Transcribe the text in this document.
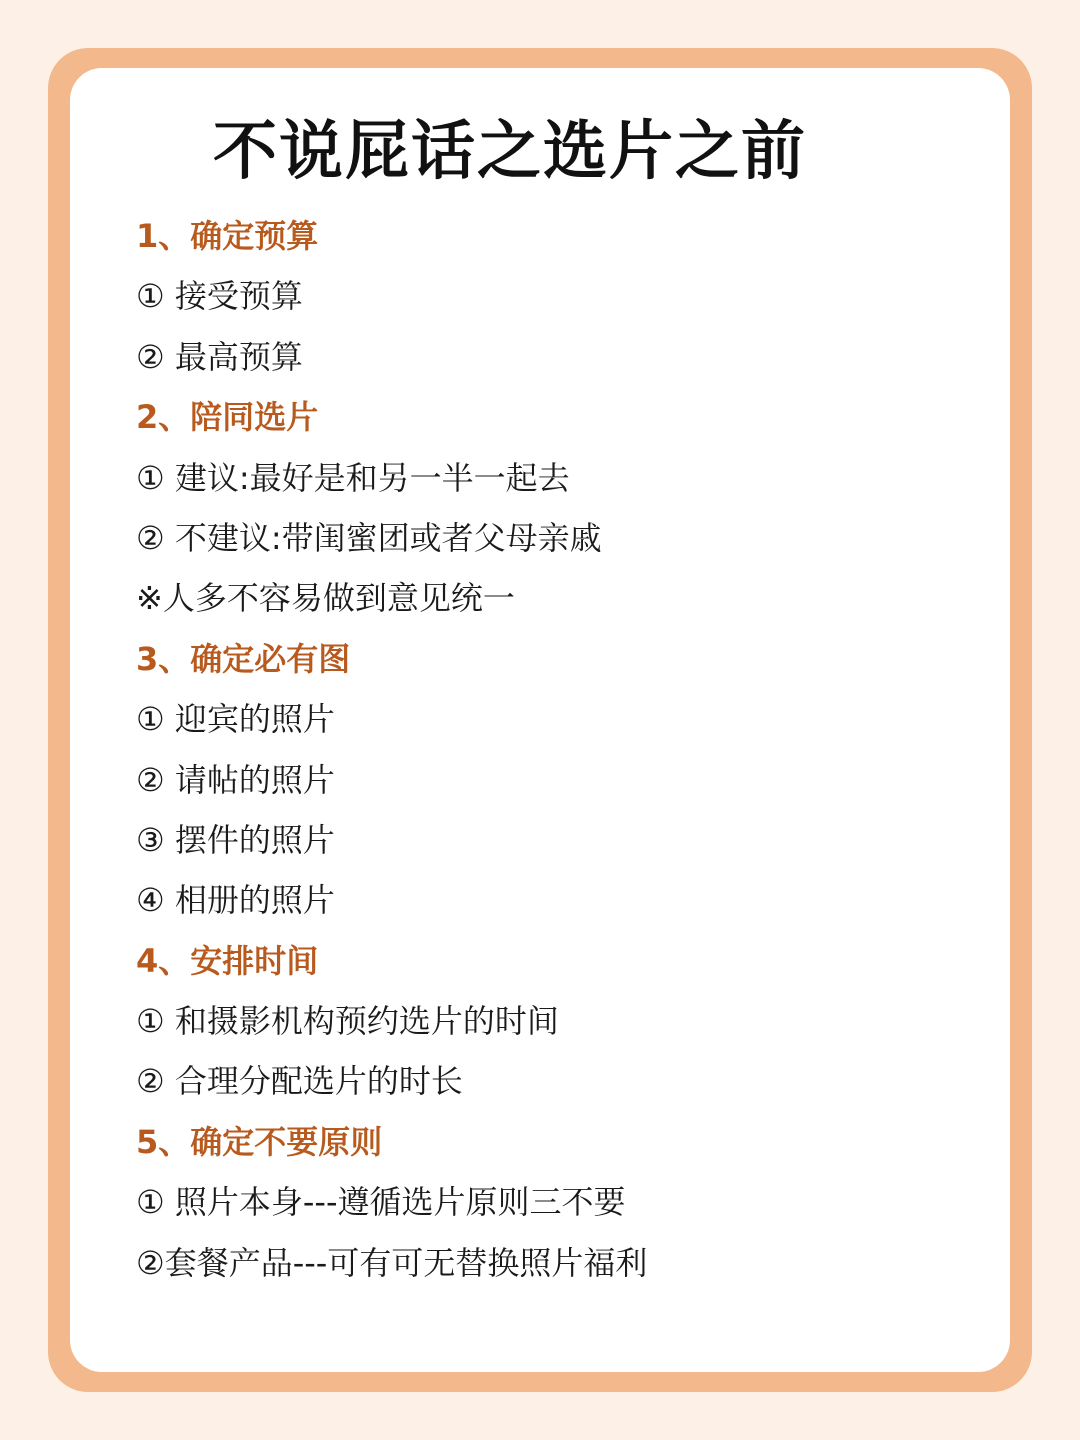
不说屁话之选片之前
1、确定预算
① 接受预算
② 最高预算
2、陪同选片
① 建议:最好是和另一半一起去
② 不建议:带闺蜜团或者父母亲戚
※人多不容易做到意见统一
3、确定必有图
① 迎宾的照片
② 请帖的照片
③ 摆件的照片
④ 相册的照片
4、安排时间
① 和摄影机构预约选片的时间
② 合理分配选片的时长
5、确定不要原则
① 照片本身---遵循选片原则三不要
②套餐产品---可有可无替换照片福利
